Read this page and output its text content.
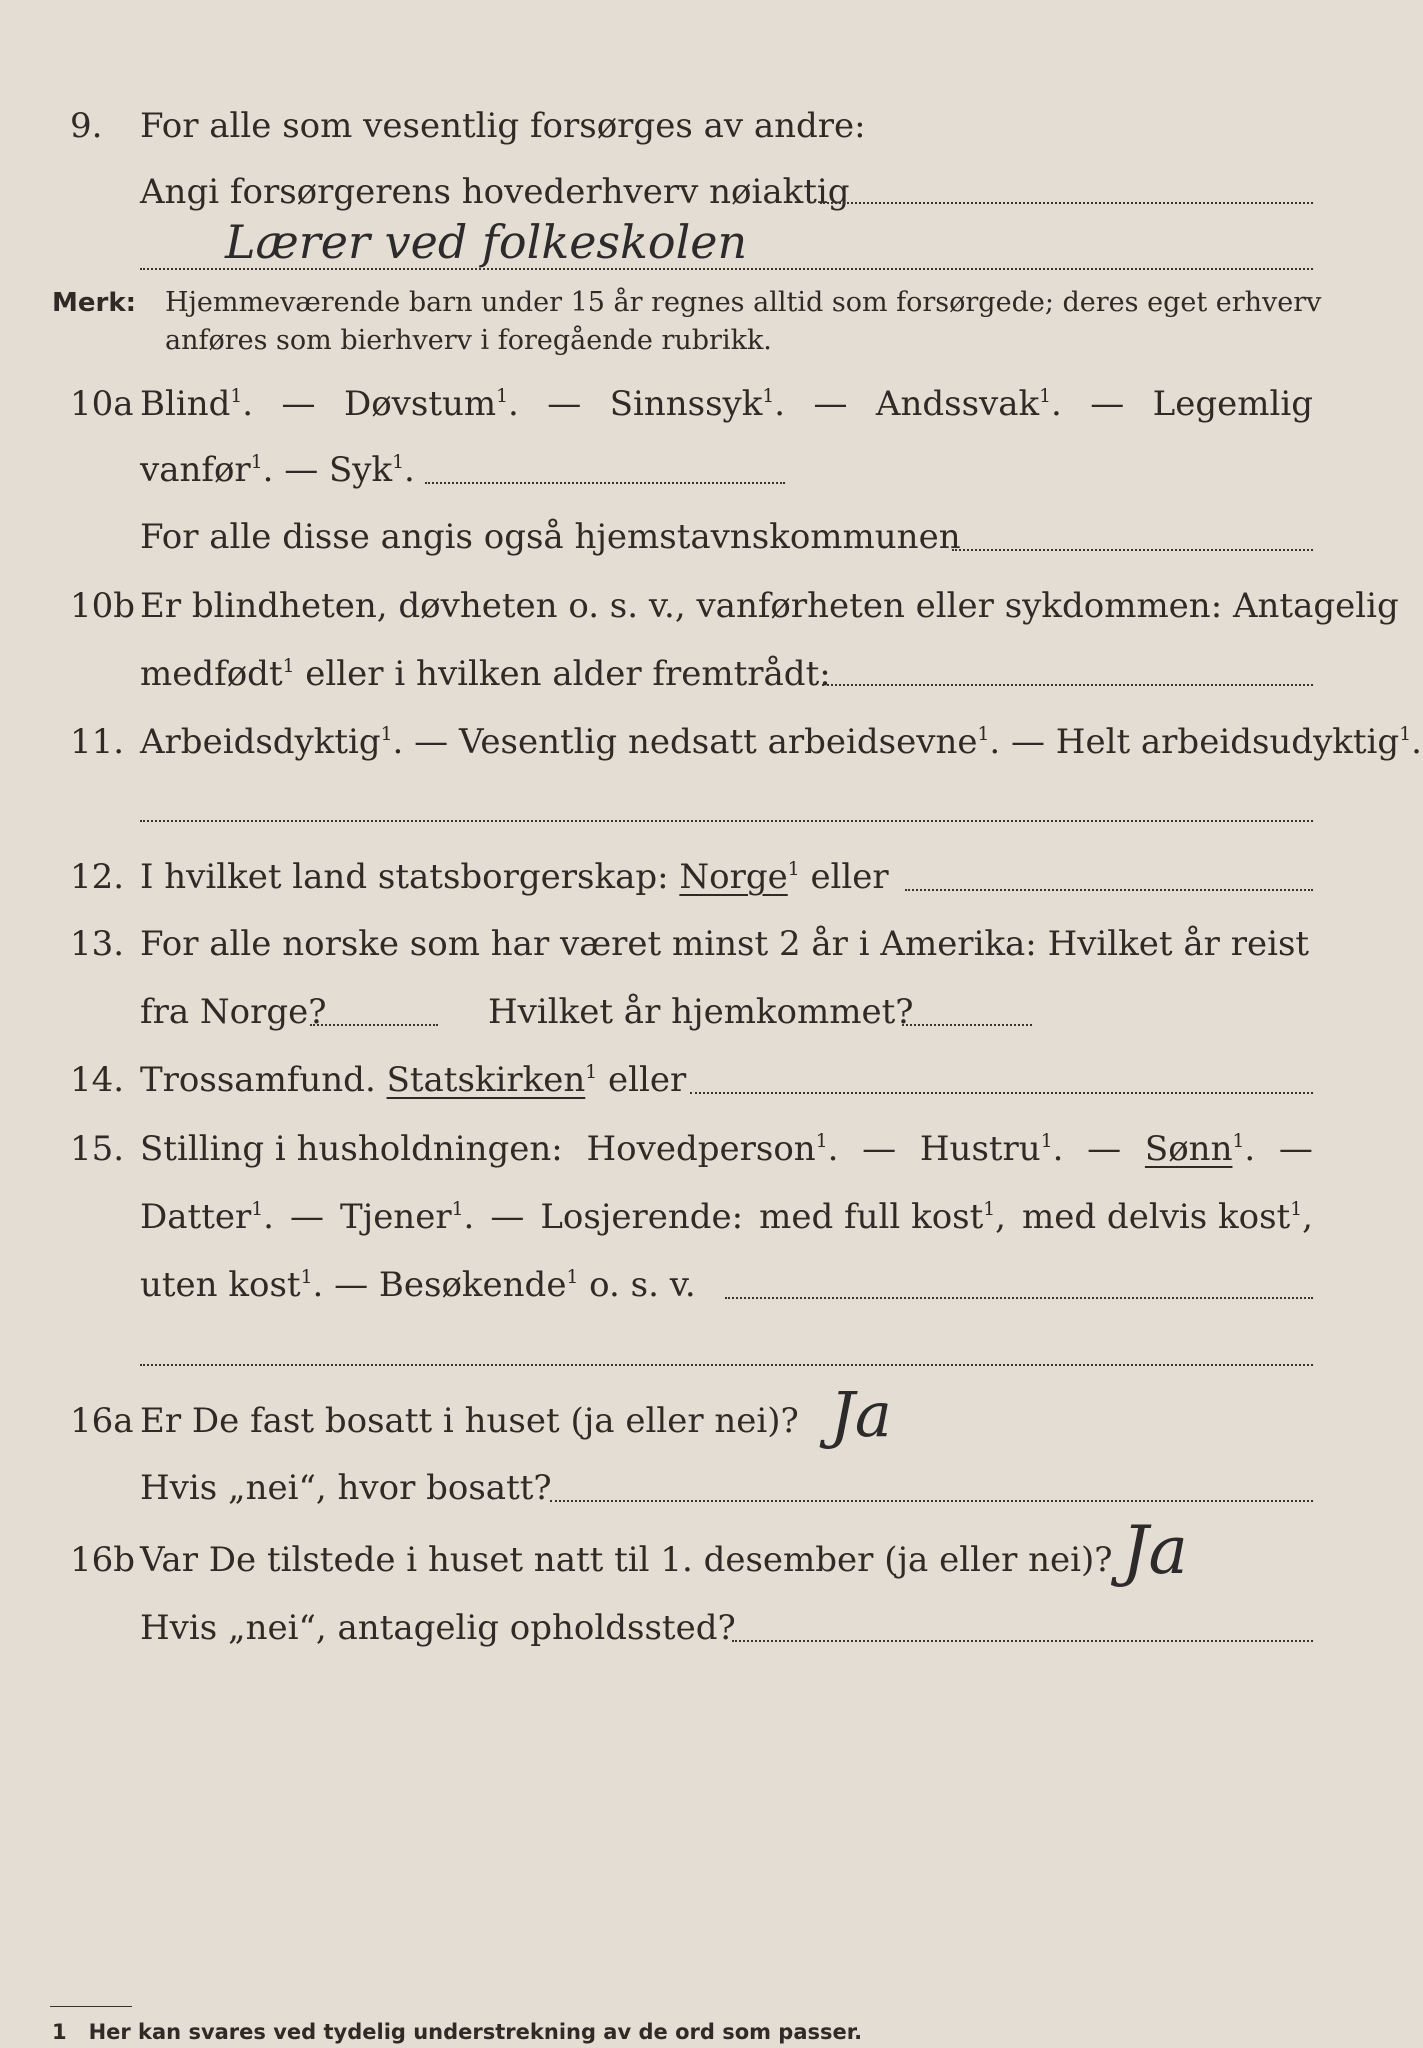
9. For alle som vesentlig forsørges av andre:
Angi forsørgerens hovederhverv nøiaktig
Lærer ved folkeskolen
Merk: Hjemmeværende barn under 15 år regnes alltid som forsørgede; deres eget erhverv
anføres som bierhverv i foregående rubrikk.
10a Blind$^1$. — Døvstum$^1$. — Sinnssyk$^1$. — Andssvak$^1$. — Legemlig
vanfør$^1$. — Syk$^1$.
For alle disse angis også hjemstavnskommunen
10b Er blindheten, døvheten o. s. v., vanførheten eller sykdommen: Antagelig
medfødt$^1$ eller i hvilken alder fremtrådt:
11. Arbeidsdyktig$^1$. — Vesentlig nedsatt arbeidsevne$^1$. — Helt arbeidsudyktig$^1$.
12. I hvilket land statsborgerskap: Norge$^1$ eller
13. For alle norske som har været minst 2 år i Amerika: Hvilket år reist
fra Norge?	Hvilket år hjemkommet?
14. Trossamfund. Statskirken$^1$ eller
15. Stilling i husholdningen: Hovedperson$^1$. — Hustru$^1$. — Sønn$^1$. —
Datter$^1$. — Tjener$^1$. — Losjerende: med full kost$^1$, med delvis kost$^1$,
uten kost$^1$. — Besøkende$^1$ o. s. v.
16a Er De fast bosatt i huset (ja eller nei)? Ja
Hvis „nei“, hvor bosatt?
16b Var De tilstede i huset natt til 1. desember (ja eller nei)? Ja
Hvis „nei“, antagelig opholdssted?
1 Her kan svares ved tydelig understrekning av de ord som passer.
